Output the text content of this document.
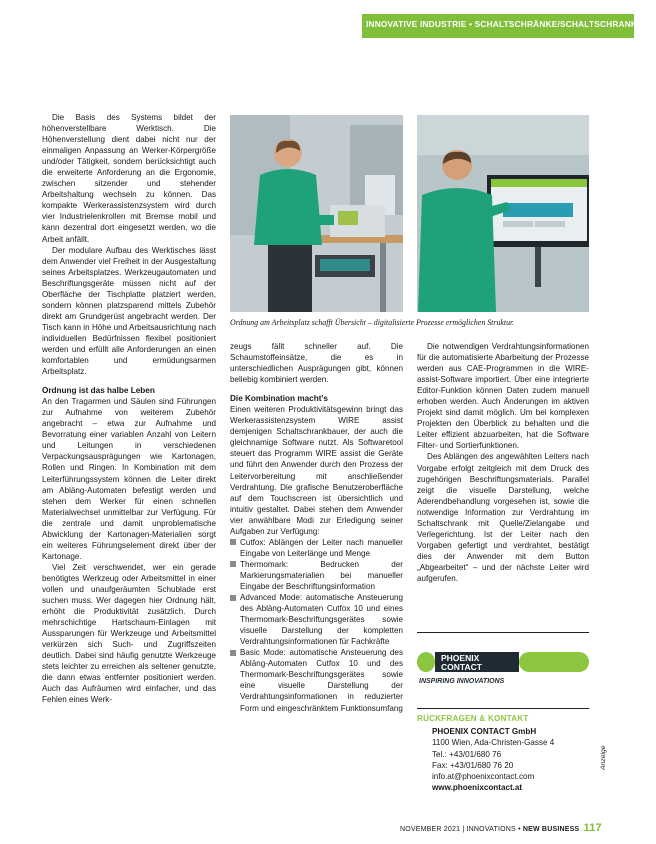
INNOVATIVE INDUSTRIE • SCHALTSCHRÄNKE/SCHALTSCHRANKBAU

Die Basis des Systems bildet der höhenverstellbare Werktisch. Die Höhenverstellung dient dabei nicht nur der einmaligen Anpassung an Werker-Körpergröße und/oder Tätigkeit, sondern berücksichtigt auch die erweiterte Anforderung an die Ergonomie, zwischen sitzender und stehender Arbeitshaltung wechseln zu können. Das kompakte Werkerassistenzsystem wird durch vier Industrielenkrollen mit Bremse mobil und kann dezentral dort eingesetzt werden, wo die Arbeit anfällt.

Der modulare Aufbau des Werktisches lässt dem Anwender viel Freiheit in der Ausgestaltung seines Arbeitsplatzes. Werkzeugautomaten und Beschriftungsgeräte müssen nicht auf der Oberfläche der Tischplatte platziert werden, sondern können platzsparend mittels Zubehör direkt am Grundgerüst angebracht werden. Der Tisch kann in Höhe und Arbeitsausrichtung nach individuellen Bedürfnissen flexibel positioniert werden und erfüllt alle Anforderungen an einen komfortablen und ermüdungsarmen Arbeitsplatz.

Ordnung ist das halbe Leben

An den Tragarmen und Säulen sind Führungen zur Aufnahme von weiterem Zubehör angebracht – etwa zur Aufnahme und Bevorratung einer variablen Anzahl von Leitern und Leitungen in verschiedenen Verpackungsausprägungen wie Kartonagen, Rollen und Ringen. In Kombination mit dem Leiterführungssystem können die Leiter direkt am Abläng-Automaten befestigt werden und stehen dem Werker für einen schnellen Materialwechsel unmittelbar zur Verfügung. Für die zentrale und damit unproblematische Abwicklung der Kartonagen-Materialien sorgt ein weiteres Führungselement direkt über der Kartonage.

Viel Zeit verschwendet, wer ein gerade benötigtes Werkzeug oder Arbeitsmittel in einer vollen und unaufgeräumten Schublade erst suchen muss. Wer dagegen hier Ordnung hält, erhöht die Produktivität zusätzlich. Durch mehrschichtige Hartschaum-Einlagen mit Aussparungen für Werkzeuge und Arbeitsmittel verkürzen sich Such- und Zugriffszeiten deutlich. Dabei sind häufig genutzte Werkzeuge stets leichter zu erreichen als seltener genutzte, die dann etwas entfernter positioniert werden. Auch das Aufräumen wird einfacher, und das Fehlen eines Werk-

Ordnung am Arbeitsplatz schafft Übersicht – digitalisierte Prozesse ermöglichen Struktur.

zeugs fällt schneller auf. Die Schaumstoffeinsätze, die es in unterschiedlichen Ausprägungen gibt, können beliebig kombiniert werden.

Die Kombination macht’s

Einen weiteren Produktivitätsgewinn bringt das Werkerassistenzsystem WIRE assist demjenigen Schaltschrankbauer, der auch die gleichnamige Software nutzt. Als Softwaretool steuert das Programm WIRE assist die Geräte und führt den Anwender durch den Prozess der Leitervorbereitung mit anschließender Verdrahtung. Die grafische Benutzeroberfläche auf dem Touchscreen ist übersichtlich und intuitiv gestaltet. Dabei stehen dem Anwender vier anwählbare Modi zur Erledigung seiner Aufgaben zur Verfügung:

Cutfox: Ablängen der Leiter nach manueller Eingabe von Leiterlänge und Menge
Thermomark: Bedrucken der Markierungsmaterialien bei manueller Eingabe der Beschriftungsinformation
Advanced Mode: automatische Ansteuerung des Abläng-Automaten Cutfox 10 und eines Thermomark-Beschriftungsgerätes sowie visuelle Darstellung der kompletten Verdrahtungsinformationen für Fachkräfte
Basic Mode: automatische Ansteuerung des Abläng-Automaten Cutfox 10 und des Thermomark-Beschriftungsgerätes sowie eine visuelle Darstellung der Verdrahtungsinformationen in reduzierter Form und eingeschränktem Funktionsumfang

Die notwendigen Verdrahtungsinformationen für die automatisierte Abarbeitung der Prozesse werden aus CAE-Programmen in die WIRE-assist-Software importiert. Über eine integrierte Editor-Funktion können Daten zudem manuell erhoben werden. Auch Änderungen im aktiven Projekt sind damit möglich. Um bei komplexen Projekten den Überblick zu behalten und die Leiter effizient abzuarbeiten, hat die Software Filter- und Sortierfunktionen.

Des Ablängen des angewählten Leiters nach Vorgabe erfolgt zeitgleich mit dem Druck des zugehörigen Beschriftungsmaterials. Parallel zeigt die visuelle Darstellung, welche Aderendbehandlung vorgesehen ist, sowie die notwendige Information zur Verdrahtung im Schaltschrank mit Quelle/Zielangabe und Verlegerichtung. Ist der Leiter nach den Vorgaben gefertigt und verdrahtet, bestätigt dies der Anwender mit dem Button „Abgearbeitet“ – und der nächste Leiter wird aufgerufen.

PHOENIX
CONTACT
INSPIRING INNOVATIONS
RÜCKFRAGEN & KONTAKT
PHOENIX CONTACT GmbH
1100 Wien, Ada-Christen-Gasse 4
Tel.: +43/01/680 76
Fax: +43/01/680 76 20
info.at@phoenixcontact.com
www.phoenixcontact.at
Anzeige
NOVEMBER 2021 | INNOVATIONS • NEW BUSINESS 117
